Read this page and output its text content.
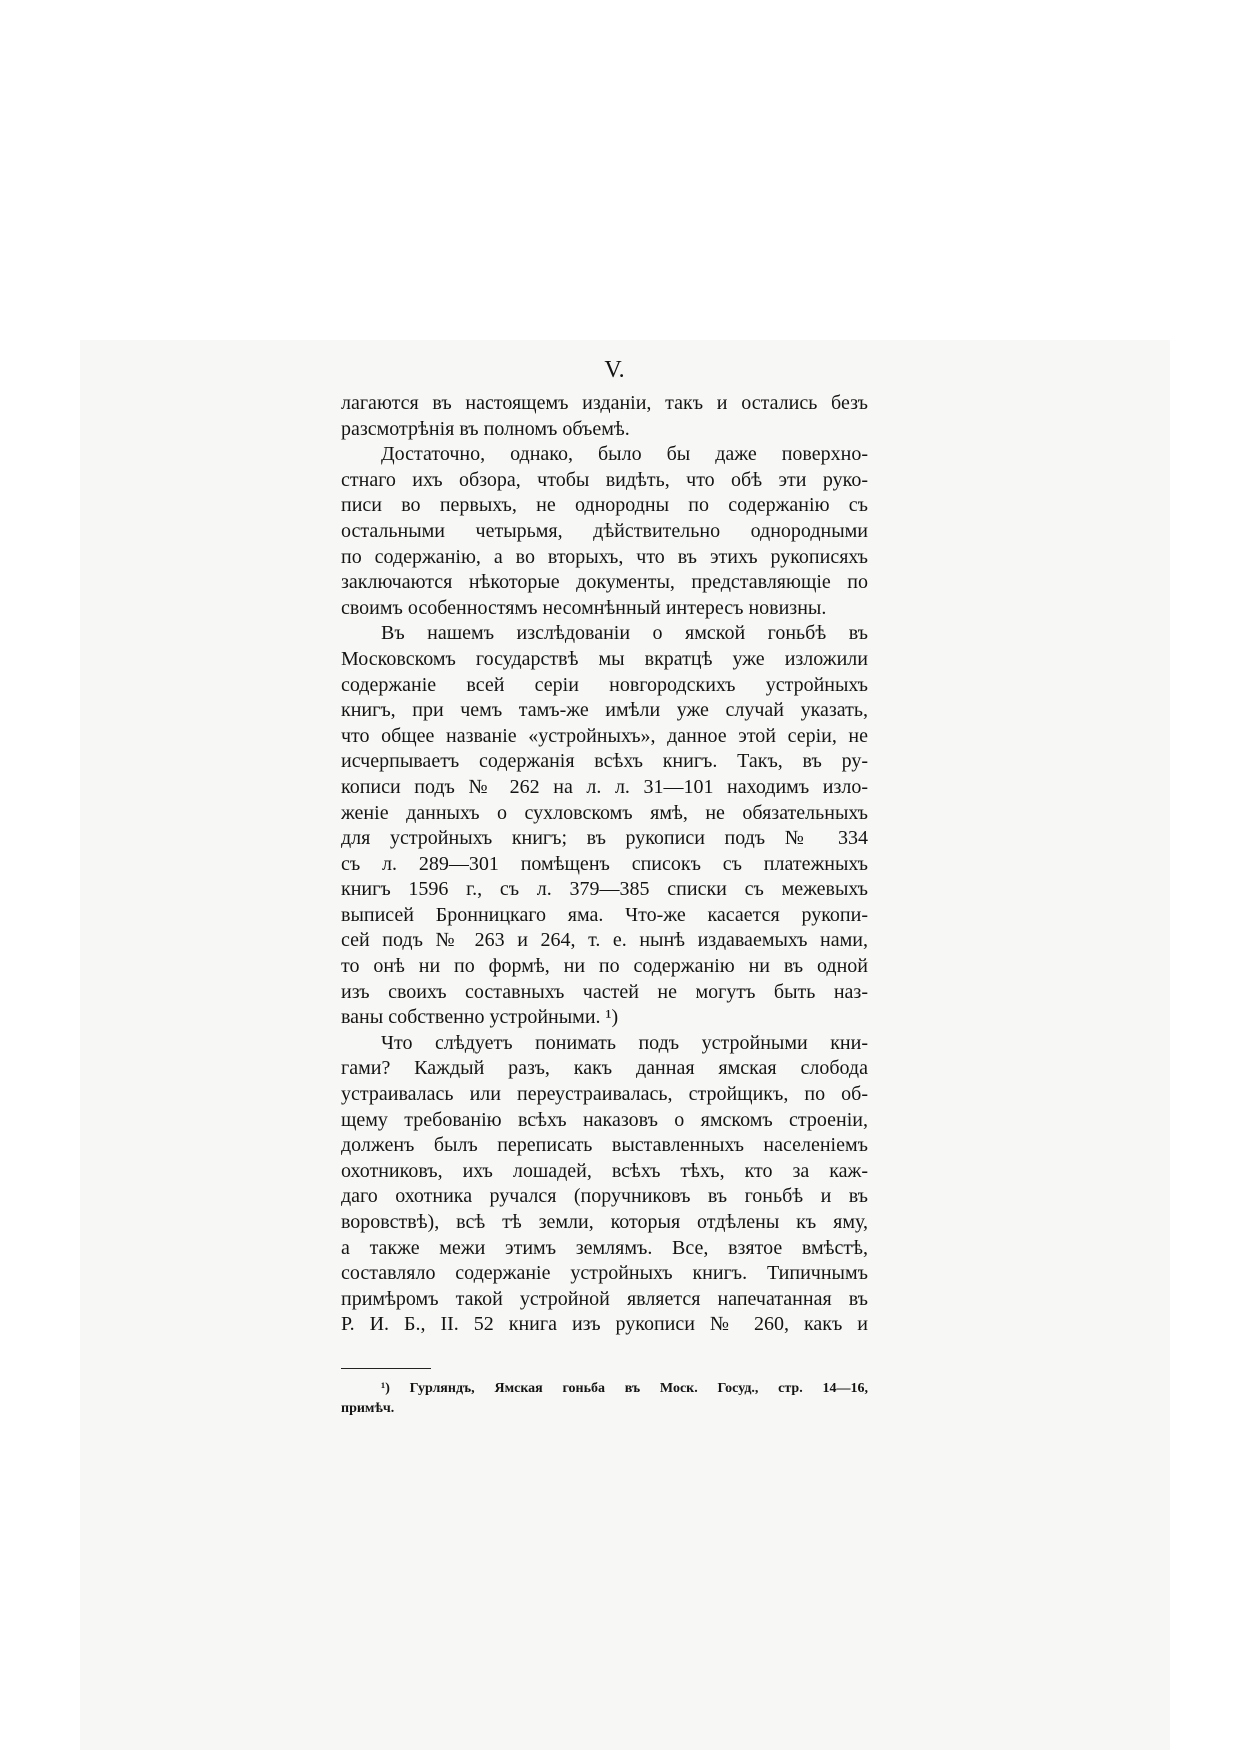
V.
лагаются въ настоящемъ изданіи, такъ и остались безъ
разсмотрѣнія въ полномъ объемѣ.
Достаточно, однако, было бы даже поверхно-
стнаго ихъ обзора, чтобы видѣть, что обѣ эти руко-
писи во первыхъ, не однородны по содержанію съ
остальными четырьмя, дѣйствительно однородными
по содержанію, а во вторыхъ, что въ этихъ рукописяхъ
заключаются нѣкоторые документы, представляющіе по
своимъ особенностямъ несомнѣнный интересъ новизны.
Въ нашемъ изслѣдованіи о ямской гоньбѣ въ
Московскомъ государствѣ мы вкратцѣ уже изложили
содержаніе всей серіи новгородскихъ устройныхъ
книгъ, при чемъ тамъ-же имѣли уже случай указать,
что общее названіе «устройныхъ», данное этой серіи, не
исчерпываетъ содержанія всѣхъ книгъ. Такъ, въ ру-
кописи подъ № 262 на л. л. 31—101 находимъ изло-
женіе данныхъ о сухловскомъ ямѣ, не обязательныхъ
для устройныхъ книгъ; въ рукописи подъ № 334
съ л. 289—301 помѣщенъ списокъ съ платежныхъ
книгъ 1596 г., съ л. 379—385 списки съ межевыхъ
выписей Бронницкаго яма. Что-же касается рукопи-
сей подъ № 263 и 264, т. е. нынѣ издаваемыхъ нами,
то онѣ ни по формѣ, ни по содержанію ни въ одной
изъ своихъ составныхъ частей не могутъ быть наз-
ваны собственно устройными. ¹)
Что слѣдуетъ понимать подъ устройными кни-
гами? Каждый разъ, какъ данная ямская слобода
устраивалась или переустраивалась, стройщикъ, по об-
щему требованію всѣхъ наказовъ о ямскомъ строеніи,
долженъ былъ переписать выставленныхъ населеніемъ
охотниковъ, ихъ лошадей, всѣхъ тѣхъ, кто за каж-
даго охотника ручался (поручниковъ въ гоньбѣ и въ
воровствѣ), всѣ тѣ земли, которыя отдѣлены къ яму,
а также межи этимъ землямъ. Все, взятое вмѣстѣ,
составляло содержаніе устройныхъ книгъ. Типичнымъ
примѣромъ такой устройной является напечатанная въ
Р. И. Б., II. 52 книга изъ рукописи № 260, какъ и
¹) Гурляндъ, Ямская гоньба въ Моск. Госуд., стр. 14—16,
примѣч.
